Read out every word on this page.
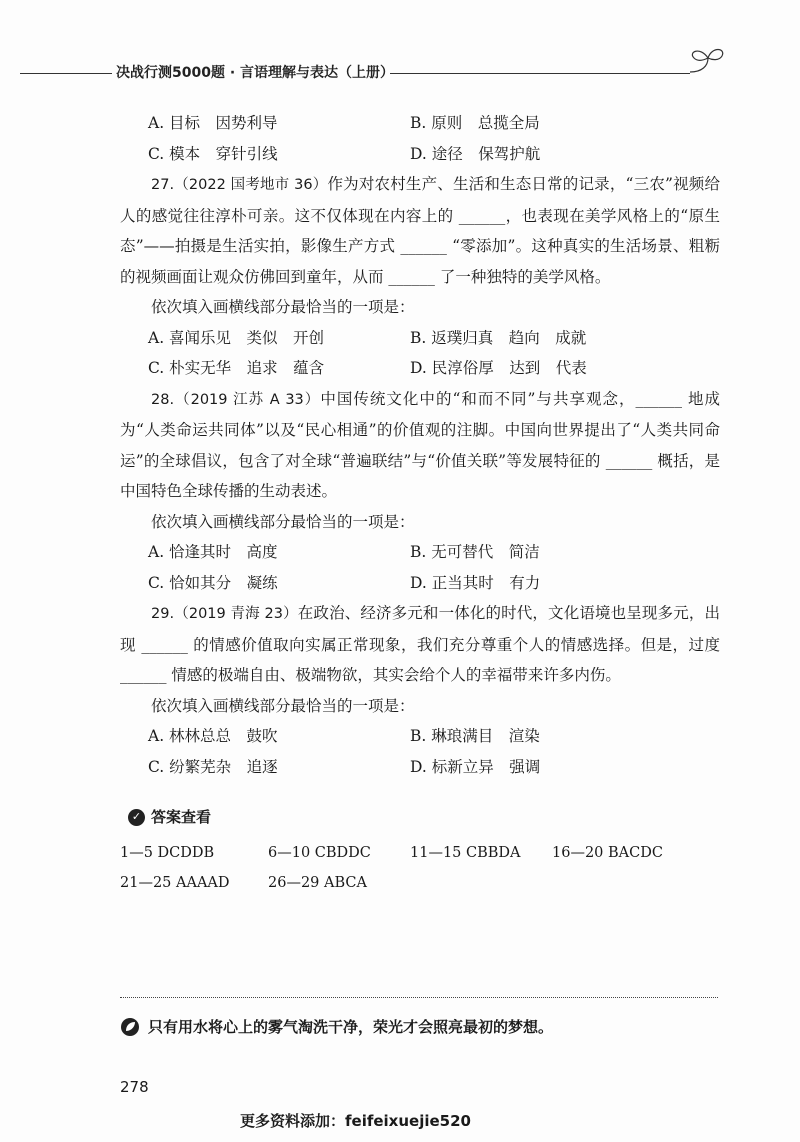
决战行测5000题 · 言语理解与表达（上册）
A. 目标　因势利导	B. 原则　总揽全局
C. 模本　穿针引线	D. 途径　保驾护航

27.（2022 国考地市 36）作为对农村生产、生活和生态日常的记录，“三农”视频给人的感觉往往淳朴可亲。这不仅体现在内容上的 ______，也表现在美学风格上的“原生态”——拍摄是生活实拍，影像生产方式 ______ “零添加”。这种真实的生活场景、粗粝的视频画面让观众仿佛回到童年，从而 ______ 了一种独特的美学风格。

依次填入画横线部分最恰当的一项是：

A. 喜闻乐见　类似　开创	B. 返璞归真　趋向　成就
C. 朴实无华　追求　蕴含	D. 民淳俗厚　达到　代表

28.（2019 江苏 A 33）中国传统文化中的“和而不同”与共享观念，______ 地成为“人类命运共同体”以及“民心相通”的价值观的注脚。中国向世界提出了“人类共同命运”的全球倡议，包含了对全球“普遍联结”与“价值关联”等发展特征的 ______ 概括，是中国特色全球传播的生动表述。

依次填入画横线部分最恰当的一项是：

A. 恰逢其时　高度	B. 无可替代　简洁
C. 恰如其分　凝练	D. 正当其时　有力

29.（2019 青海 23）在政治、经济多元和一体化的时代，文化语境也呈现多元，出现 ______ 的情感价值取向实属正常现象，我们充分尊重个人的情感选择。但是，过度 ______ 情感的极端自由、极端物欲，其实会给个人的幸福带来许多内伤。

依次填入画横线部分最恰当的一项是：

A. 林林总总　鼓吹	B. 琳琅满目　渲染
C. 纷繁芜杂　追逐	D. 标新立异　强调
✓ 答案查看
1—5 DCDDB	6—10 CBDDC	11—15 CBBDA 16—20 BACDC
21—25 AAAAD	26—29 ABCA
只有用水将心上的雾气淘洗干净，荣光才会照亮最初的梦想。
278
更多资料添加：feifeixuejie520
